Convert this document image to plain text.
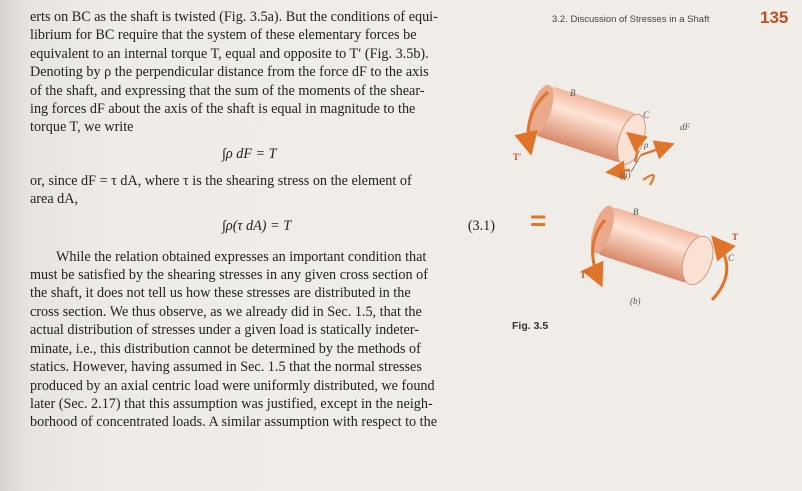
3.2. Discussion of Stresses in a Shaft	135

erts on BC as the shaft is twisted (Fig. 3.5a). But the conditions of equi-

librium for BC require that the system of these elementary forces be

equivalent to an internal torque T, equal and opposite to T′ (Fig. 3.5b).

Denoting by ρ the perpendicular distance from the force dF to the axis

of the shaft, and expressing that the sum of the moments of the shear-

ing forces dF about the axis of the shaft is equal in magnitude to the

torque T, we write

∫ρ dF = T

or, since dF = τ dA, where τ is the shearing stress on the element of

area dA,

∫ρ(τ dA) = T	(3.1)

While the relation obtained expresses an important condition that

must be satisfied by the shearing stresses in any given cross section of

the shaft, it does not tell us how these stresses are distributed in the

cross section. We thus observe, as we already did in Sec. 1.5, that the

actual distribution of stresses under a given load is statically indeter-

minate, i.e., this distribution cannot be determined by the methods of

statics. However, having assumed in Sec. 1.5 that the normal stresses

produced by an axial centric load were uniformly distributed, we found

later (Sec. 2.17) that this assumption was justified, except in the neigh-

borhood of concentrated loads. A similar assumption with respect to the

B
C
ρ
dF
T′
(a)
=	B
T
C
T′
(b)
Fig. 3.5
